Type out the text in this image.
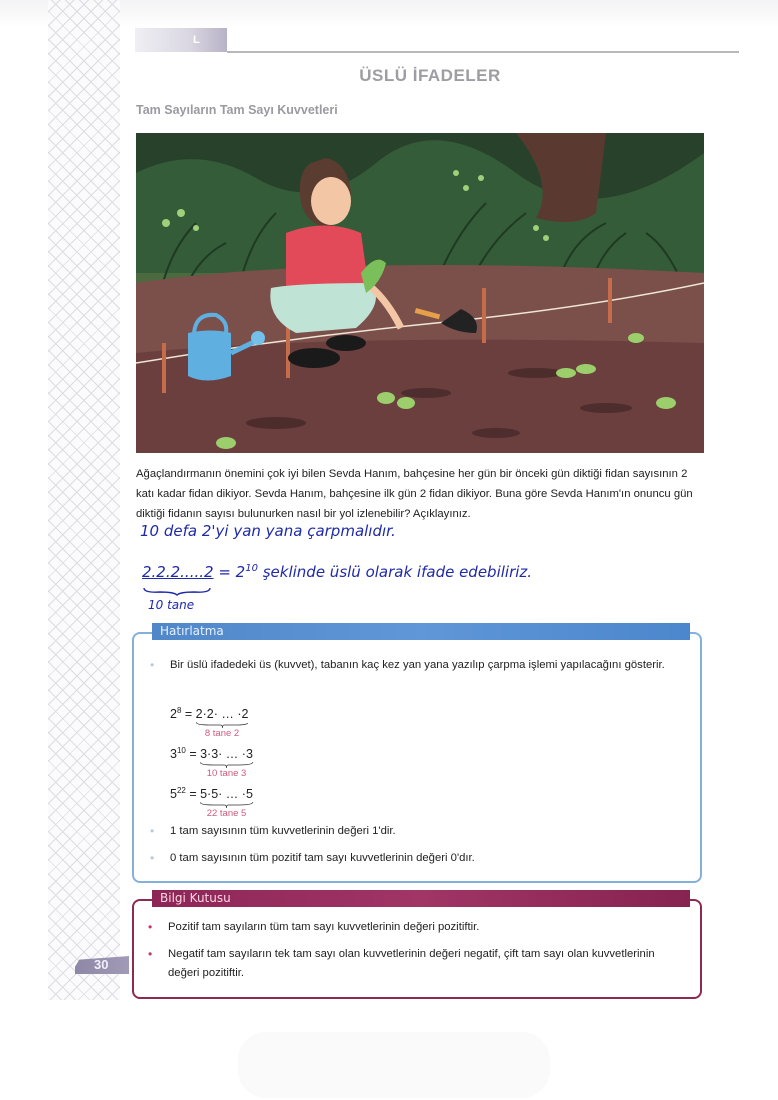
L
ÜSLÜ İFADELER
Tam Sayıların Tam Sayı Kuvvetleri
Ağaçlandırmanın önemini çok iyi bilen Sevda Hanım, bahçesine her gün bir önceki gün diktiği fidan sayısının 2 katı kadar fidan dikiyor. Sevda Hanım, bahçesine ilk gün 2 fidan dikiyor. Buna göre Sevda Hanım'ın onuncu gün diktiği fidanın sayısı bulunurken nasıl bir yol izlenebilir? Açıklayınız.
10 defa 2'yi yan yana çarpmalıdır.
$2.2.2.....2 = 2^{10}$ şeklinde üslü olarak ifade edebiliriz.
10 tane
Hatırlatma
• Bir üslü ifadedeki üs (kuvvet), tabanın kaç kez yan yana yazılıp çarpma işlemi yapılacağını gösterir.
$2^8 = 2\cdot 2\cdot$ … ·2
8 tane 2
$3^{10} = 3\cdot 3\cdot$ … ·3
10 tane 3
$5^{22} = 5\cdot 5\cdot$ … ·5
22 tane 5
• 1 tam sayısının tüm kuvvetlerinin değeri 1'dir.
• 0 tam sayısının tüm pozitif tam sayı kuvvetlerinin değeri 0'dır.
Bilgi Kutusu
• Pozitif tam sayıların tüm tam sayı kuvvetlerinin değeri pozitiftir.
• Negatif tam sayıların tek tam sayı olan kuvvetlerinin değeri negatif, çift tam sayı olan kuvvetlerinin değeri pozitiftir.
30
